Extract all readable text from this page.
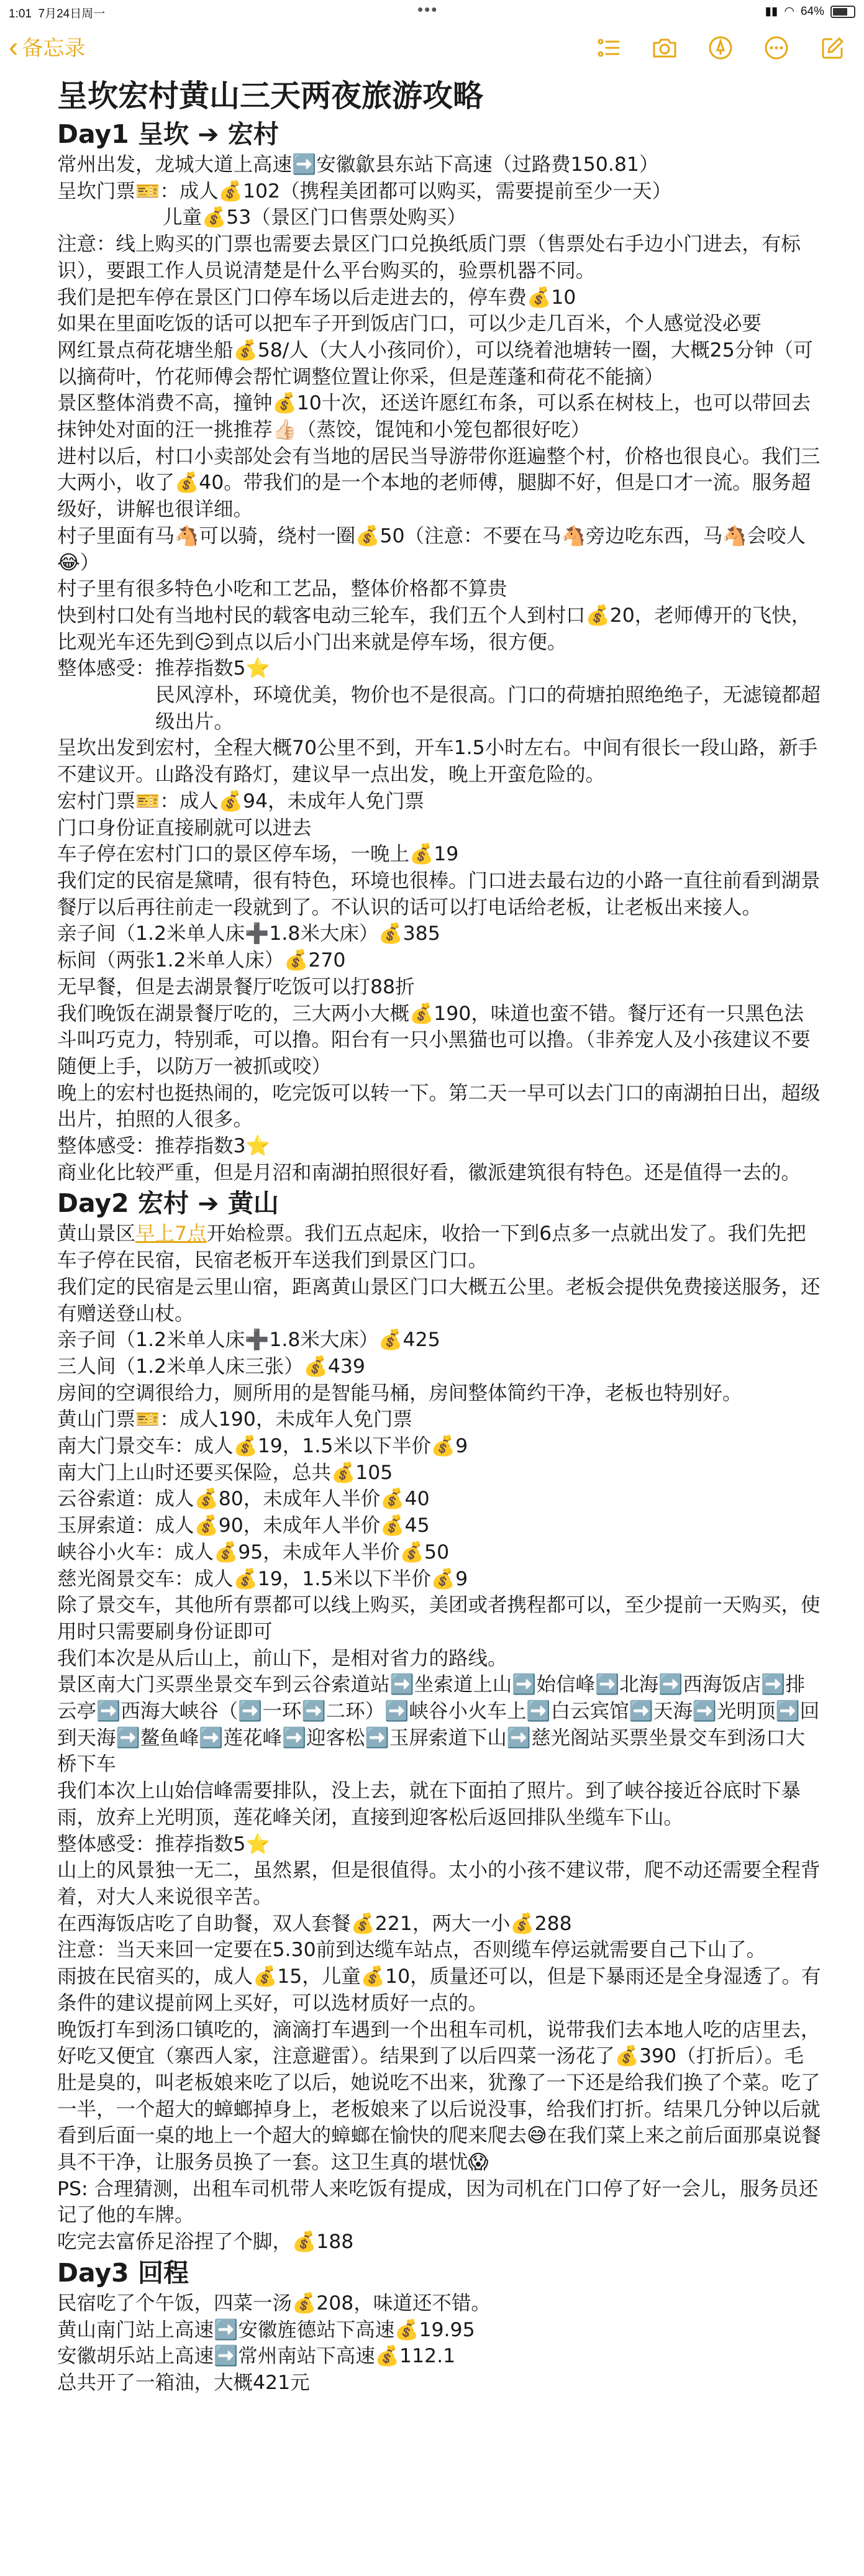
1:01 7月24日周一	•••	▮▮ ◠ 64%
‹ 备忘录

呈坎宏村黄山三天两夜旅游攻略

Day1 呈坎 ➔ 宏村

常州出发，龙城大道上高速➡️安徽歙县东站下高速（过路费150.81）

呈坎门票🎫：成人💰102（携程美团都可以购买，需要提前至少一天）

儿童💰53（景区门口售票处购买）

注意：线上购买的门票也需要去景区门口兑换纸质门票（售票处右手边小门进去，有标识），要跟工作人员说清楚是什么平台购买的，验票机器不同。

我们是把车停在景区门口停车场以后走进去的，停车费💰10

如果在里面吃饭的话可以把车子开到饭店门口，可以少走几百米，个人感觉没必要

网红景点荷花塘坐船💰58/人（大人小孩同价），可以绕着池塘转一圈，大概25分钟（可以摘荷叶，竹花师傅会帮忙调整位置让你采，但是莲蓬和荷花不能摘）

景区整体消费不高，撞钟💰10十次，还送许愿红布条，可以系在树枝上，也可以带回去

抹钟处对面的汪一挑推荐👍🏻（蒸饺，馄饨和小笼包都很好吃）

进村以后，村口小卖部处会有当地的居民当导游带你逛遍整个村，价格也很良心。我们三大两小，收了💰40。带我们的是一个本地的老师傅，腿脚不好，但是口才一流。服务超级好，讲解也很详细。

村子里面有马🐴可以骑，绕村一圈💰50（注意：不要在马🐴旁边吃东西，马🐴会咬人😂）

村子里有很多特色小吃和工艺品，整体价格都不算贵

快到村口处有当地村民的载客电动三轮车，我们五个人到村口💰20，老师傅开的飞快，比观光车还先到😏到点以后小门出来就是停车场，很方便。

整体感受：推荐指数5⭐

民风淳朴，环境优美，物价也不是很高。门口的荷塘拍照绝绝子，无滤镜都超级出片。

呈坎出发到宏村，全程大概70公里不到，开车1.5小时左右。中间有很长一段山路，新手不建议开。山路没有路灯，建议早一点出发，晚上开蛮危险的。

宏村门票🎫：成人💰94，未成年人免门票

门口身份证直接刷就可以进去

车子停在宏村门口的景区停车场，一晚上💰19

我们定的民宿是黛晴，很有特色，环境也很棒。门口进去最右边的小路一直往前看到湖景餐厅以后再往前走一段就到了。不认识的话可以打电话给老板，让老板出来接人。

亲子间（1.2米单人床➕1.8米大床）💰385

标间（两张1.2米单人床）💰270

无早餐，但是去湖景餐厅吃饭可以打88折

我们晚饭在湖景餐厅吃的，三大两小大概💰190，味道也蛮不错。餐厅还有一只黑色法斗叫巧克力，特别乖，可以撸。阳台有一只小黑猫也可以撸。（非养宠人及小孩建议不要随便上手，以防万一被抓或咬）

晚上的宏村也挺热闹的，吃完饭可以转一下。第二天一早可以去门口的南湖拍日出，超级出片，拍照的人很多。

整体感受：推荐指数3⭐

商业化比较严重，但是月沼和南湖拍照很好看，徽派建筑很有特色。还是值得一去的。

Day2 宏村 ➔ 黄山

黄山景区早上7点开始检票。我们五点起床，收拾一下到6点多一点就出发了。我们先把车子停在民宿，民宿老板开车送我们到景区门口。

我们定的民宿是云里山宿，距离黄山景区门口大概五公里。老板会提供免费接送服务，还有赠送登山杖。

亲子间（1.2米单人床➕1.8米大床）💰425

三人间（1.2米单人床三张）💰439

房间的空调很给力，厕所用的是智能马桶，房间整体简约干净，老板也特别好。

黄山门票🎫：成人190，未成年人免门票

南大门景交车：成人💰19，1.5米以下半价💰9

南大门上山时还要买保险，总共💰105

云谷索道：成人💰80，未成年人半价💰40

玉屏索道：成人💰90，未成年人半价💰45

峡谷小火车：成人💰95，未成年人半价💰50

慈光阁景交车：成人💰19，1.5米以下半价💰9

除了景交车，其他所有票都可以线上购买，美团或者携程都可以，至少提前一天购买，使用时只需要刷身份证即可

我们本次是从后山上，前山下，是相对省力的路线。

景区南大门买票坐景交车到云谷索道站➡️坐索道上山➡️始信峰➡️北海➡️西海饭店➡️排云亭➡️西海大峡谷（➡️一环➡️二环）➡️峡谷小火车上➡️白云宾馆➡️天海➡️光明顶➡️回到天海➡️鳌鱼峰➡️莲花峰➡️迎客松➡️玉屏索道下山➡️慈光阁站买票坐景交车到汤口大桥下车

我们本次上山始信峰需要排队，没上去，就在下面拍了照片。到了峡谷接近谷底时下暴雨，放弃上光明顶，莲花峰关闭，直接到迎客松后返回排队坐缆车下山。

整体感受：推荐指数5⭐

山上的风景独一无二，虽然累，但是很值得。太小的小孩不建议带，爬不动还需要全程背着，对大人来说很辛苦。

在西海饭店吃了自助餐，双人套餐💰221，两大一小💰288

注意：当天来回一定要在5.30前到达缆车站点，否则缆车停运就需要自己下山了。

雨披在民宿买的，成人💰15，儿童💰10，质量还可以，但是下暴雨还是全身湿透了。有条件的建议提前网上买好，可以选材质好一点的。

晚饭打车到汤口镇吃的，滴滴打车遇到一个出租车司机，说带我们去本地人吃的店里去，好吃又便宜（寨西人家，注意避雷）。结果到了以后四菜一汤花了💰390（打折后）。毛肚是臭的，叫老板娘来吃了以后，她说吃不出来，犹豫了一下还是给我们换了个菜。吃了一半，一个超大的蟑螂掉身上，老板娘来了以后说没事，给我们打折。结果几分钟以后就看到后面一桌的地上一个超大的蟑螂在愉快的爬来爬去😅在我们菜上来之前后面那桌说餐具不干净，让服务员换了一套。这卫生真的堪忧😱

PS: 合理猜测，出租车司机带人来吃饭有提成，因为司机在门口停了好一会儿，服务员还记了他的车牌。

吃完去富侨足浴捏了个脚，💰188

Day3 回程

民宿吃了个午饭，四菜一汤💰208，味道还不错。

黄山南门站上高速➡️安徽旌德站下高速💰19.95

安徽胡乐站上高速➡️常州南站下高速💰112.1

总共开了一箱油，大概421元
